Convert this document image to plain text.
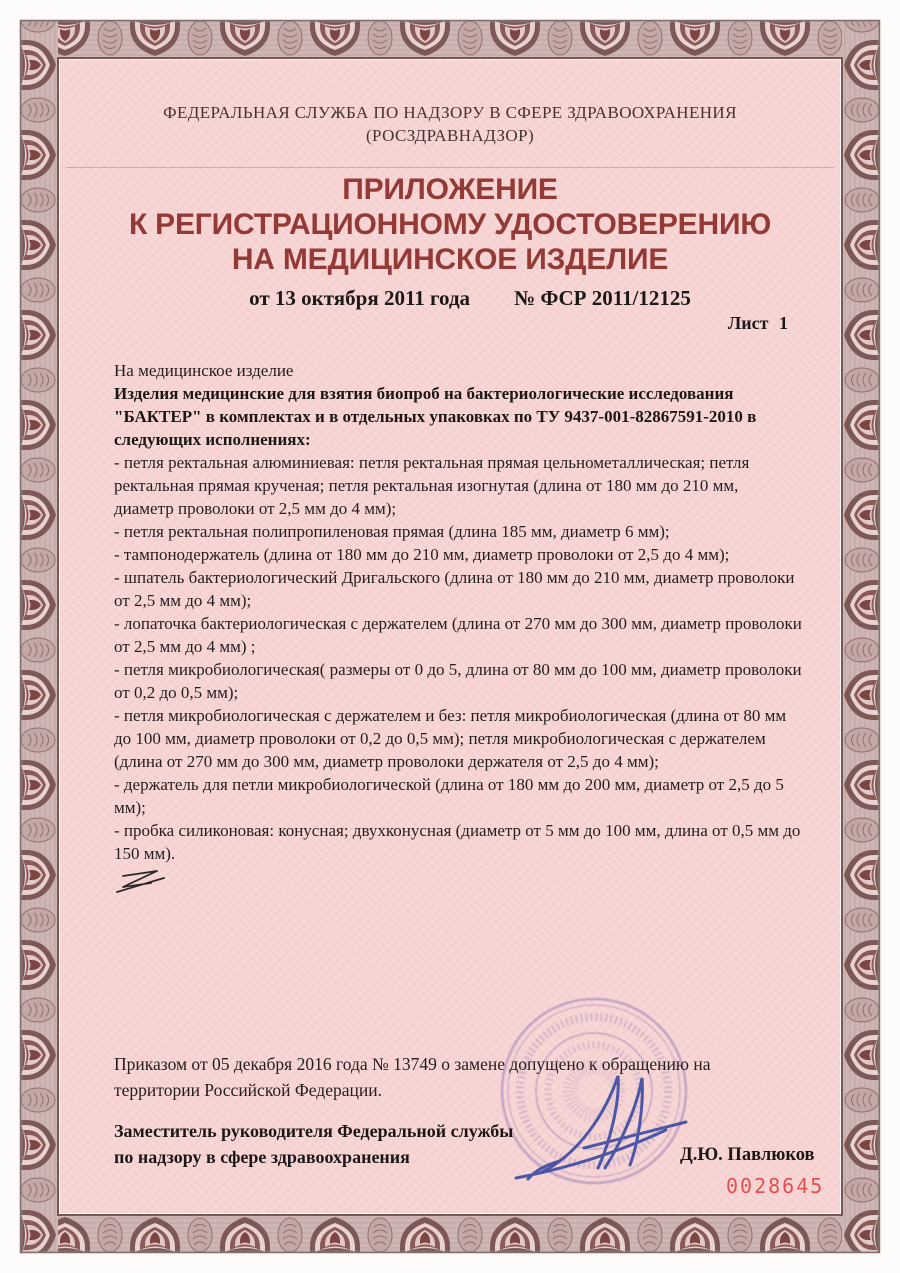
ФЕДЕРАЛЬНАЯ СЛУЖБА ПО НАДЗОРУ В СФЕРЕ ЗДРАВООХРАНЕНИЯ
(РОСЗДРАВНАДЗОР)
ПРИЛОЖЕНИЕ
К РЕГИСТРАЦИОННОМУ УДОСТОВЕРЕНИЮ
НА МЕДИЦИНСКОЕ ИЗДЕЛИЕ
от 13 октября 2011 года № ФСР 2011/12125
Лист 1
На медицинское изделие
Изделия медицинские для взятия биопроб на бактериологические исследования "БАКТЕР" в комплектах и в отдельных упаковках по ТУ 9437-001-82867591-2010 в следующих исполнениях:
- петля ректальная алюминиевая: петля ректальная прямая цельнометаллическая; петля ректальная прямая крученая; петля ректальная изогнутая (длина от 180 мм до 210 мм, диаметр проволоки от 2,5 мм до 4 мм);
- петля ректальная полипропиленовая прямая (длина 185 мм, диаметр 6 мм);
- тампонодержатель (длина от 180 мм до 210 мм, диаметр проволоки от 2,5 до 4 мм);
- шпатель бактериологический Дригальского (длина от 180 мм до 210 мм, диаметр проволоки от 2,5 мм до 4 мм);
- лопаточка бактериологическая с держателем (длина от 270 мм до 300 мм, диаметр проволоки от 2,5 мм до 4 мм) ;
- петля микробиологическая( размеры от 0 до 5, длина от 80 мм до 100 мм, диаметр проволоки от 0,2 до 0,5 мм);
- петля микробиологическая с держателем и без: петля микробиологическая (длина от 80 мм до 100 мм, диаметр проволоки от 0,2 до 0,5 мм); петля микробиологическая с держателем (длина от 270 мм до 300 мм, диаметр проволоки держателя от 2,5 до 4 мм);
- держатель для петли микробиологической (длина от 180 мм до 200 мм, диаметр от 2,5 до 5 мм);
- пробка силиконовая: конусная; двухконусная (диаметр от 5 мм до 100 мм, длина от 0,5 мм до 150 мм).
Приказом от 05 декабря 2016 года № 13749 о замене допущено к обращению на территории Российской Федерации.
Заместитель руководителя Федеральной службы
по надзору в сфере здравоохранения	Д.Ю. Павлюков
0028645
